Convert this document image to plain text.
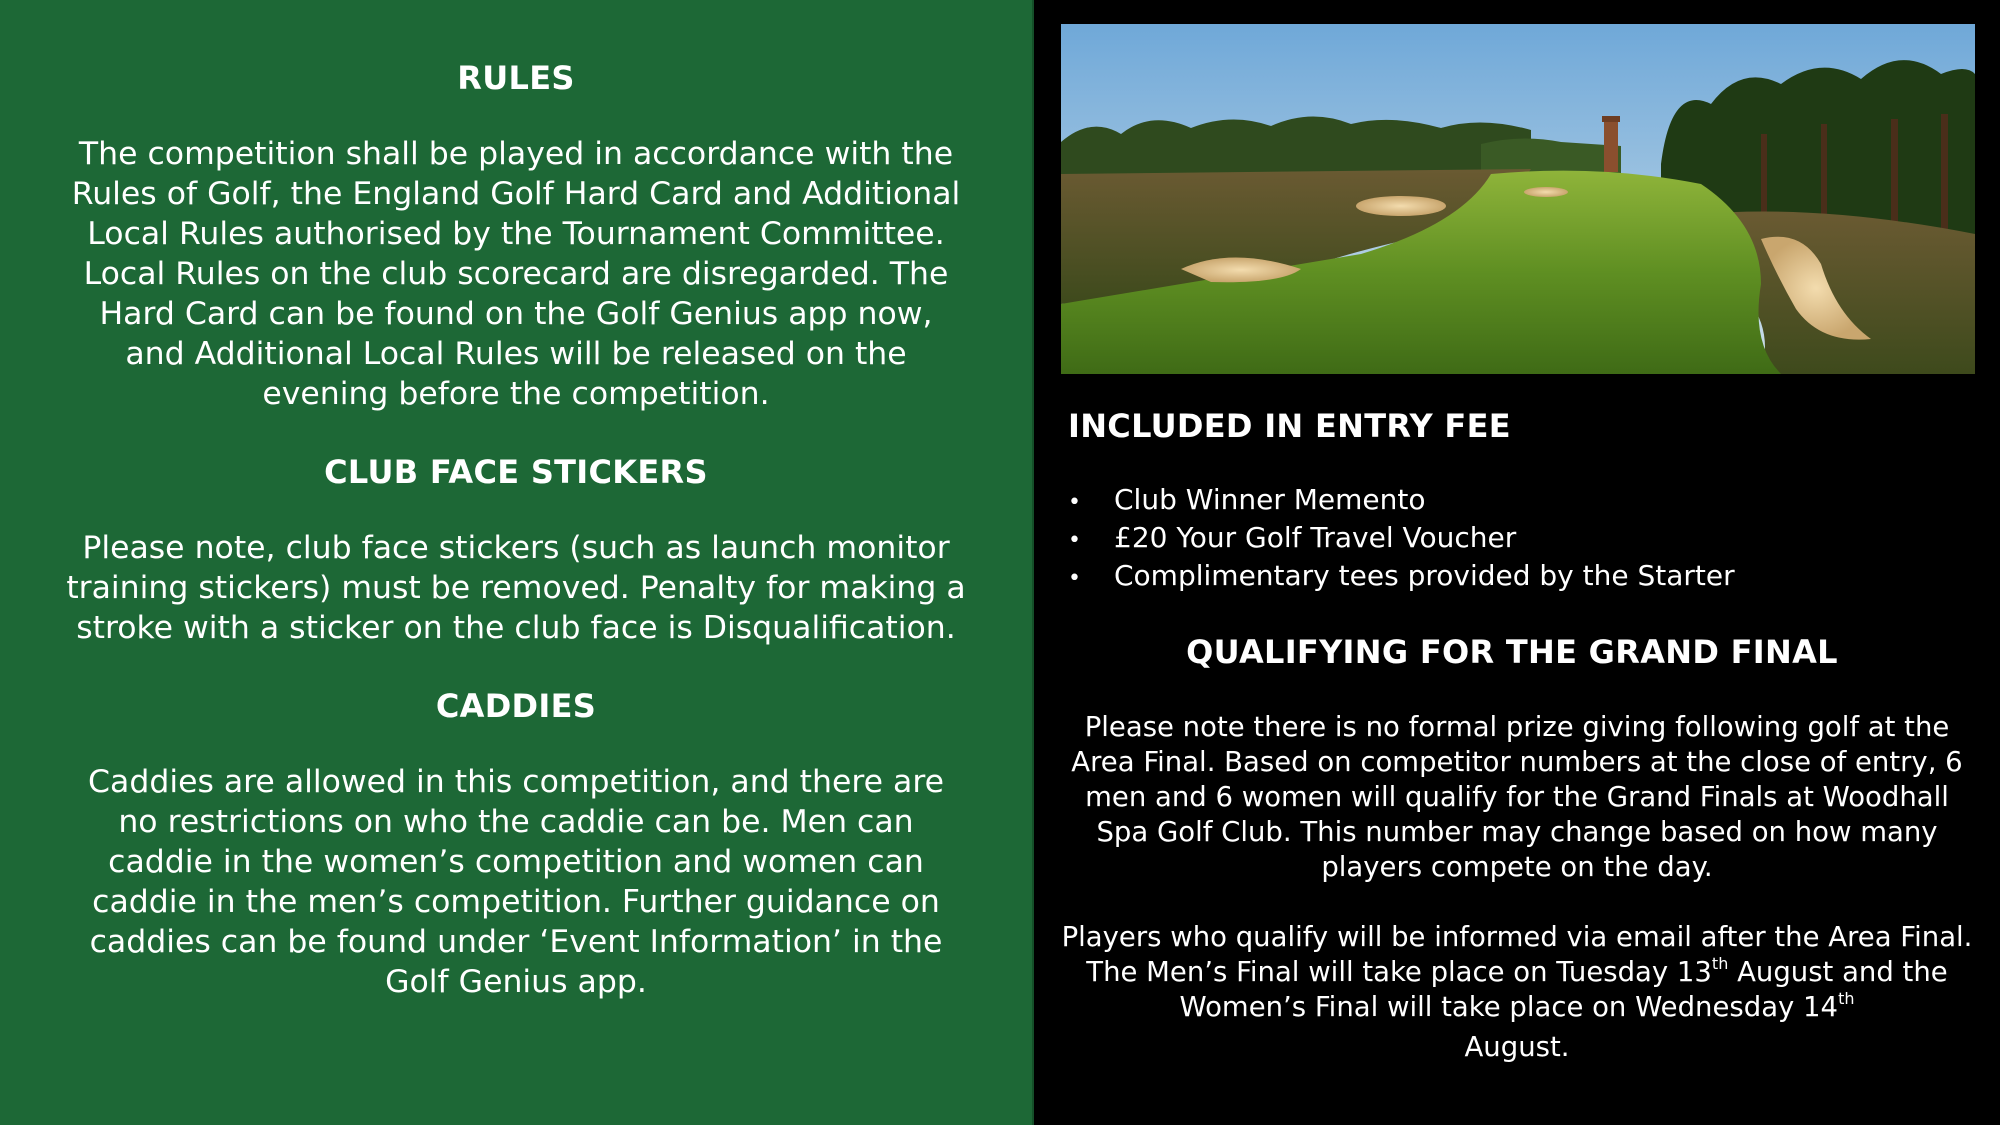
RULES

The competition shall be played in accordance with the Rules of Golf, the England Golf Hard Card and Additional Local Rules authorised by the Tournament Committee. Local Rules on the club scorecard are disregarded. The Hard Card can be found on the Golf Genius app now, and Additional Local Rules will be released on the evening before the competition.

CLUB FACE STICKERS

Please note, club face stickers (such as launch monitor training stickers) must be removed. Penalty for making a stroke with a sticker on the club face is Disqualification.

CADDIES

Caddies are allowed in this competition, and there are no restrictions on who the caddie can be. Men can caddie in the women’s competition and women can caddie in the men’s competition. Further guidance on caddies can be found under ‘Event Information’ in the Golf Genius app.

INCLUDED IN ENTRY FEE
•	Club Winner Memento
•	£20 Your Golf Travel Voucher
•	Complimentary tees provided by the Starter
QUALIFYING FOR THE GRAND FINAL

Please note there is no formal prize giving following golf at the Area Final. Based on competitor numbers at the close of entry, 6 men and 6 women will qualify for the Grand Finals at Woodhall Spa Golf Club. This number may change based on how many players compete on the day.

Players who qualify will be informed via email after the Area Final. The Men’s Final will take place on Tuesday 13th August and the Women’s Final will take place on Wednesday 14th
August.
